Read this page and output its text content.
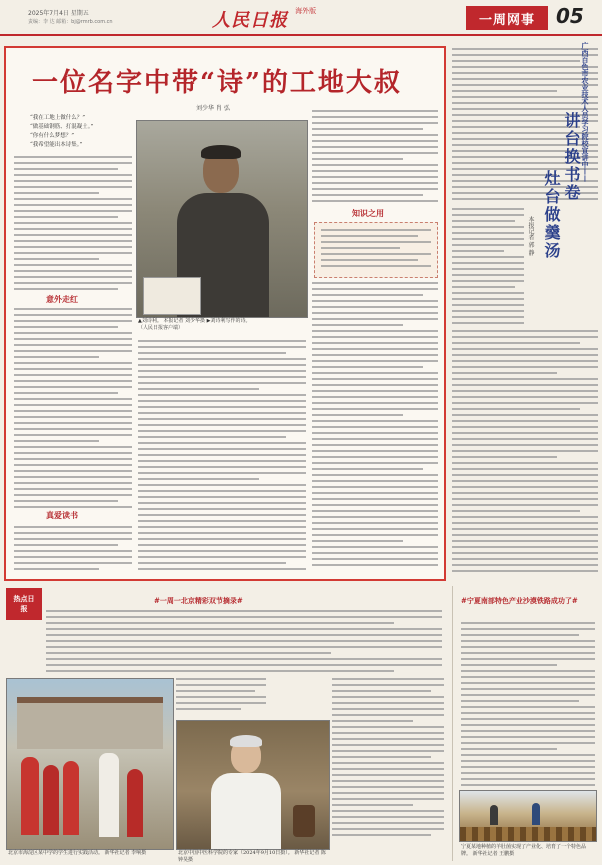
2025年7月4日 星期五
责编：李 达 邮箱：bj@rmrb.com.cn	人民日报 $^{海外版}$
一周网事 05
一位名字中带“诗”的工地大叔
刘少华 肖 弘
“我在工地上做什么？”
“做基础钢筋、打混凝土。”
“你有什么梦想？”
“我希望能出本诗集。”
意外走红
真爱读书
▲刘诗利。 本报记者 刘少华摄 ▶刘诗利写作的诗。（人民日报客户端）
知识之用
广西百色市农业技术人员学习院校宣讲中——
讲台换书卷
灶台做羹汤
本报记者 郭 静
热点日报
#一周一北京精彩双节摘录#
北京市海淀区某中学的学生进行实践活动。 新华社记者 李响摄	北京中国中医科学院的专家（2024年9月10日摄）。 新华社记者 陈钟昊摄
#宁夏南部特色产业沙漠铁路成功了#
宁夏某地种植的羊肚菌实现了产业化、培育了一个特色品牌。 新华社记者 王鹏摄
